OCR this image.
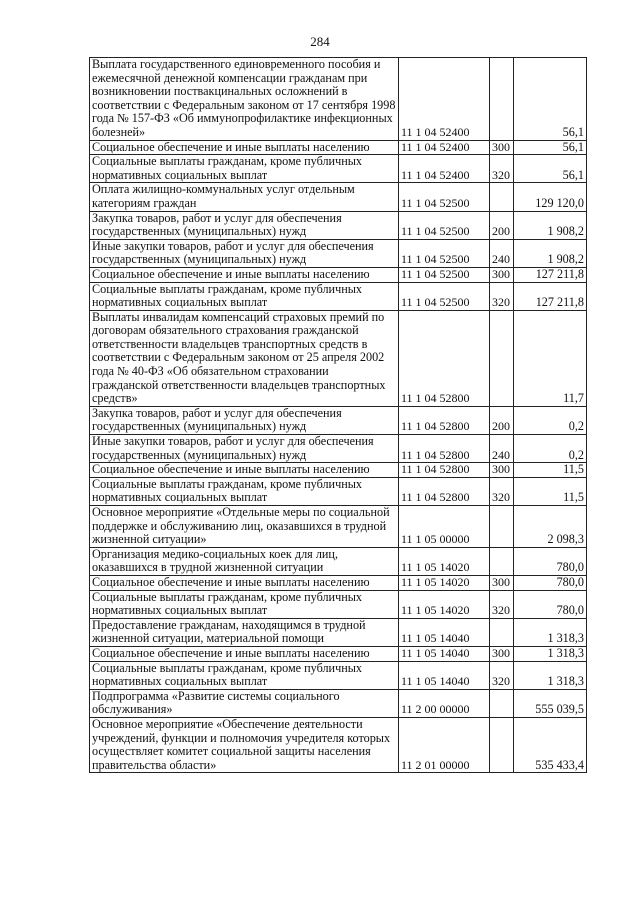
284
Выплата государственного единовременного пособия и ежемесячной денежной компенсации гражданам при возникновении поствакцинальных осложнений в соответствии с Федеральным законом от 17 сентября 1998 года № 157-ФЗ «Об иммунопрофилактике инфекционных болезней»	11 1 04 52400		56,1
Социальное обеспечение и иные выплаты населению	11 1 04 52400	300	56,1
Социальные выплаты гражданам, кроме публичных нормативных социальных выплат	11 1 04 52400	320	56,1
Оплата жилищно-коммунальных услуг отдельным категориям граждан	11 1 04 52500		129 120,0
Закупка товаров, работ и услуг для обеспечения государственных (муниципальных) нужд	11 1 04 52500	200	1 908,2
Иные закупки товаров, работ и услуг для обеспечения государственных (муниципальных) нужд	11 1 04 52500	240	1 908,2
Социальное обеспечение и иные выплаты населению	11 1 04 52500	300	127 211,8
Социальные выплаты гражданам, кроме публичных нормативных социальных выплат	11 1 04 52500	320	127 211,8
Выплаты инвалидам компенсаций страховых премий по договорам обязательного страхования гражданской ответственности владельцев транспортных средств в соответствии с Федеральным законом от 25 апреля 2002 года № 40-ФЗ «Об обязательном страховании гражданской ответственности владельцев транспортных средств»	11 1 04 52800		11,7
Закупка товаров, работ и услуг для обеспечения государственных (муниципальных) нужд	11 1 04 52800	200	0,2
Иные закупки товаров, работ и услуг для обеспечения государственных (муниципальных) нужд	11 1 04 52800	240	0,2
Социальное обеспечение и иные выплаты населению	11 1 04 52800	300	11,5
Социальные выплаты гражданам, кроме публичных нормативных социальных выплат	11 1 04 52800	320	11,5
Основное мероприятие «Отдельные меры по социальной поддержке и обслуживанию лиц, оказавшихся в трудной жизненной ситуации»	11 1 05 00000		2 098,3
Организация медико-социальных коек для лиц, оказавшихся в трудной жизненной ситуации	11 1 05 14020		780,0
Социальное обеспечение и иные выплаты населению	11 1 05 14020	300	780,0
Социальные выплаты гражданам, кроме публичных нормативных социальных выплат	11 1 05 14020	320	780,0
Предоставление гражданам, находящимся в трудной жизненной ситуации, материальной помощи	11 1 05 14040		1 318,3
Социальное обеспечение и иные выплаты населению	11 1 05 14040	300	1 318,3
Социальные выплаты гражданам, кроме публичных нормативных социальных выплат	11 1 05 14040	320	1 318,3
Подпрограмма «Развитие системы социального обслуживания»	11 2 00 00000		555 039,5
Основное мероприятие «Обеспечение деятельности учреждений, функции и полномочия учредителя которых осуществляет комитет социальной защиты населения правительства области»	11 2 01 00000		535 433,4
